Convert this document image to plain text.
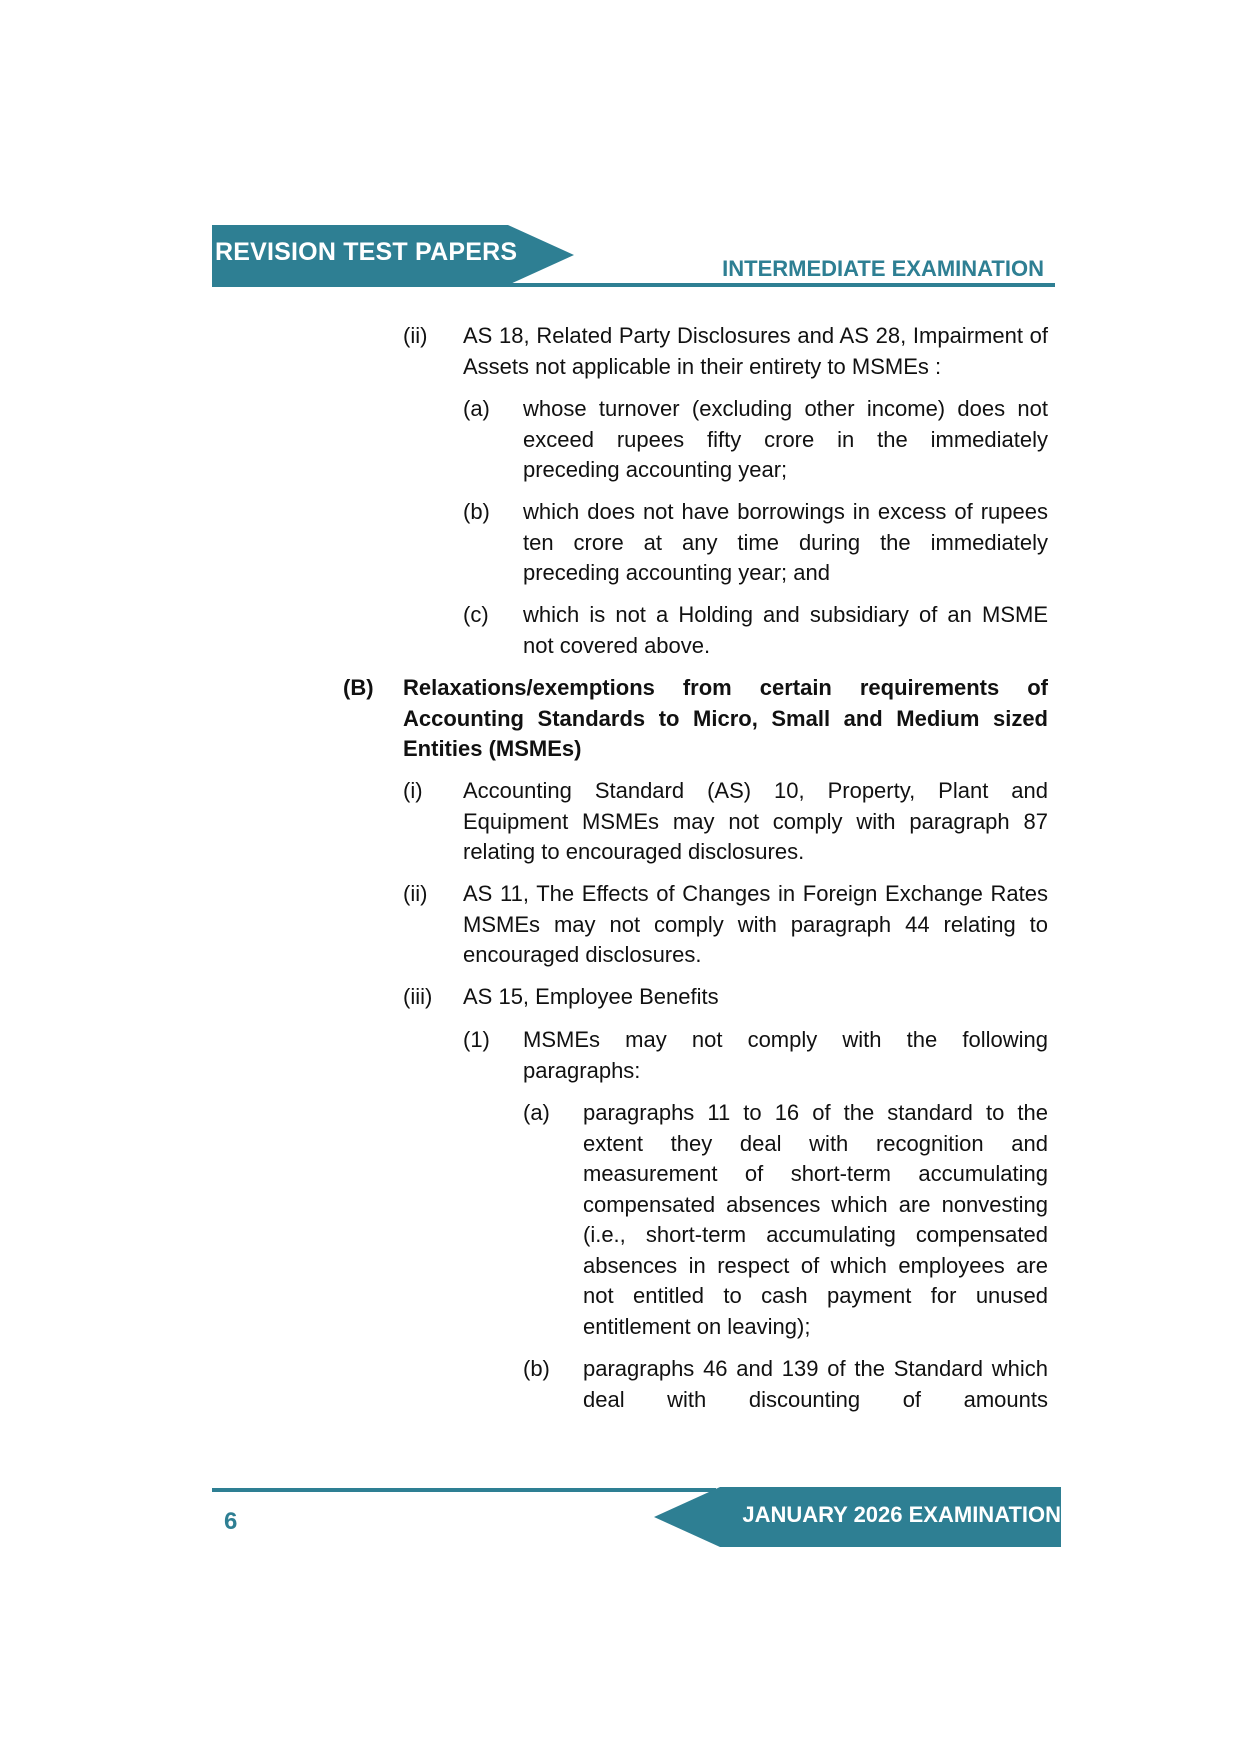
REVISION TEST PAPERS
INTERMEDIATE EXAMINATION
(ii) AS 18, Related Party Disclosures and AS 28, Impairment of Assets not applicable in their entirety to MSMEs :
(a) whose turnover (excluding other income) does not exceed rupees fifty crore in the immediately preceding accounting year;
(b) which does not have borrowings in excess of rupees ten crore at any time during the immediately preceding accounting year; and
(c) which is not a Holding and subsidiary of an MSME not covered above.
(B) Relaxations/exemptions from certain requirements of Accounting Standards to Micro, Small and Medium sized Entities (MSMEs)
(i) Accounting Standard (AS) 10, Property, Plant and Equipment MSMEs may not comply with paragraph 87 relating to encouraged disclosures.
(ii) AS 11, The Effects of Changes in Foreign Exchange Rates MSMEs may not comply with paragraph 44 relating to encouraged disclosures.
(iii) AS 15, Employee Benefits
(1) MSMEs may not comply with the following paragraphs:
(a) paragraphs 11 to 16 of the standard to the extent they deal with recognition and measurement of short-term accumulating compensated absences which are nonvesting (i.e., short-term accumulating compensated absences in respect of which employees are not entitled to cash payment for unused entitlement on leaving);
(b) paragraphs 46 and 139 of the Standard which deal with discounting of amounts
JANUARY 2026 EXAMINATION
6
